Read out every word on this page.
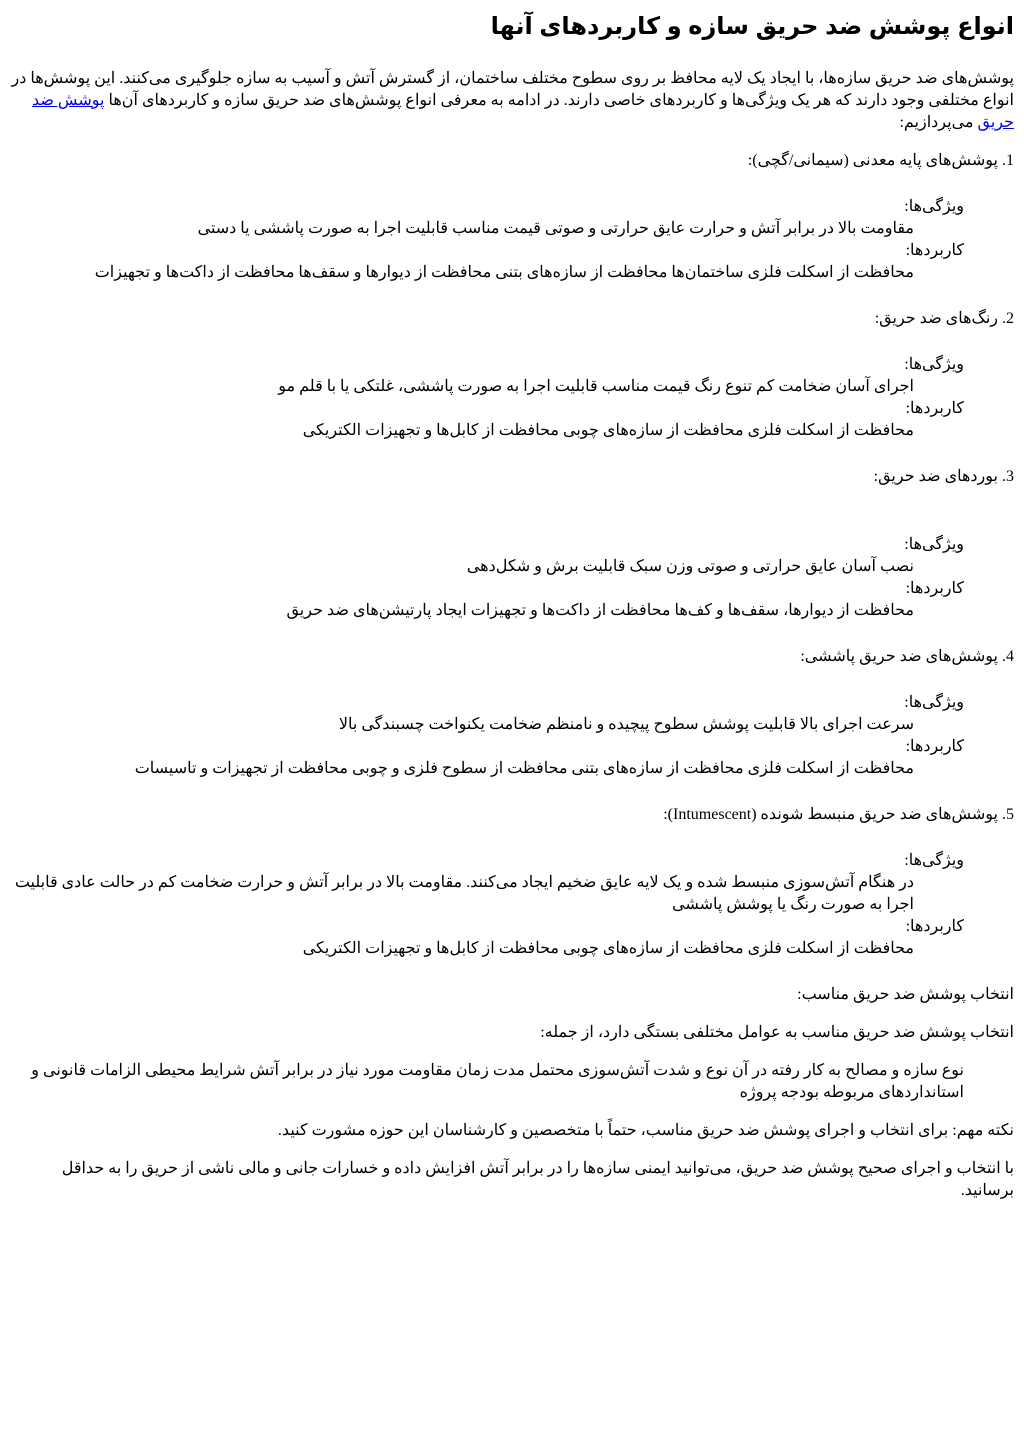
انواع پوشش ضد حریق سازه و کاربردهای آنها

پوشش‌های ضد حریق سازه‌ها، با ایجاد یک لایه محافظ بر روی سطوح مختلف ساختمان، از گسترش آتش و آسیب به سازه جلوگیری می‌کنند. این پوشش‌ها در انواع مختلفی وجود دارند که هر یک ویژگی‌ها و کاربردهای خاصی دارند. در ادامه به معرفی انواع پوشش‌های ضد حریق سازه و کاربردهای آن‌ها پوشش ضد حریق می‌پردازیم:

1. پوشش‌های پایه معدنی (سیمانی/گچی):

ویژگی‌ها:
مقاومت بالا در برابر آتش و حرارت عایق حرارتی و صوتی قیمت مناسب قابلیت اجرا به صورت پاششی یا دستی
کاربردها:
محافظت از اسکلت فلزی ساختمان‌ها محافظت از سازه‌های بتنی محافظت از دیوارها و سقف‌ها محافظت از داکت‌ها و تجهیزات

2. رنگ‌های ضد حریق:

ویژگی‌ها:
اجرای آسان ضخامت کم تنوع رنگ قیمت مناسب قابلیت اجرا به صورت پاششی، غلتکی یا با قلم مو
کاربردها:
محافظت از اسکلت فلزی محافظت از سازه‌های چوبی محافظت از کابل‌ها و تجهیزات الکتریکی

3. بوردهای ضد حریق:

ویژگی‌ها:
نصب آسان عایق حرارتی و صوتی وزن سبک قابلیت برش و شکل‌دهی
کاربردها:
محافظت از دیوارها، سقف‌ها و کف‌ها محافظت از داکت‌ها و تجهیزات ایجاد پارتیشن‌های ضد حریق

4. پوشش‌های ضد حریق پاششی:

ویژگی‌ها:
سرعت اجرای بالا قابلیت پوشش سطوح پیچیده و نامنظم ضخامت یکنواخت چسبندگی بالا
کاربردها:
محافظت از اسکلت فلزی محافظت از سازه‌های بتنی محافظت از سطوح فلزی و چوبی محافظت از تجهیزات و تاسیسات

5. پوشش‌های ضد حریق منبسط شونده (Intumescent):

ویژگی‌ها:
در هنگام آتش‌سوزی منبسط شده و یک لایه عایق ضخیم ایجاد می‌کنند. مقاومت بالا در برابر آتش و حرارت ضخامت کم در حالت عادی قابلیت اجرا به صورت رنگ یا پوشش پاششی
کاربردها:
محافظت از اسکلت فلزی محافظت از سازه‌های چوبی محافظت از کابل‌ها و تجهیزات الکتریکی

انتخاب پوشش ضد حریق مناسب:

انتخاب پوشش ضد حریق مناسب به عوامل مختلفی بستگی دارد، از جمله:

نوع سازه و مصالح به کار رفته در آن نوع و شدت آتش‌سوزی محتمل مدت زمان مقاومت مورد نیاز در برابر آتش شرایط محیطی الزامات قانونی و استانداردهای مربوطه بودجه پروژه

نکته مهم: برای انتخاب و اجرای پوشش ضد حریق مناسب، حتماً با متخصصین و کارشناسان این حوزه مشورت کنید.

با انتخاب و اجرای صحیح پوشش ضد حریق، می‌توانید ایمنی سازه‌ها را در برابر آتش افزایش داده و خسارات جانی و مالی ناشی از حریق را به حداقل برسانید.
